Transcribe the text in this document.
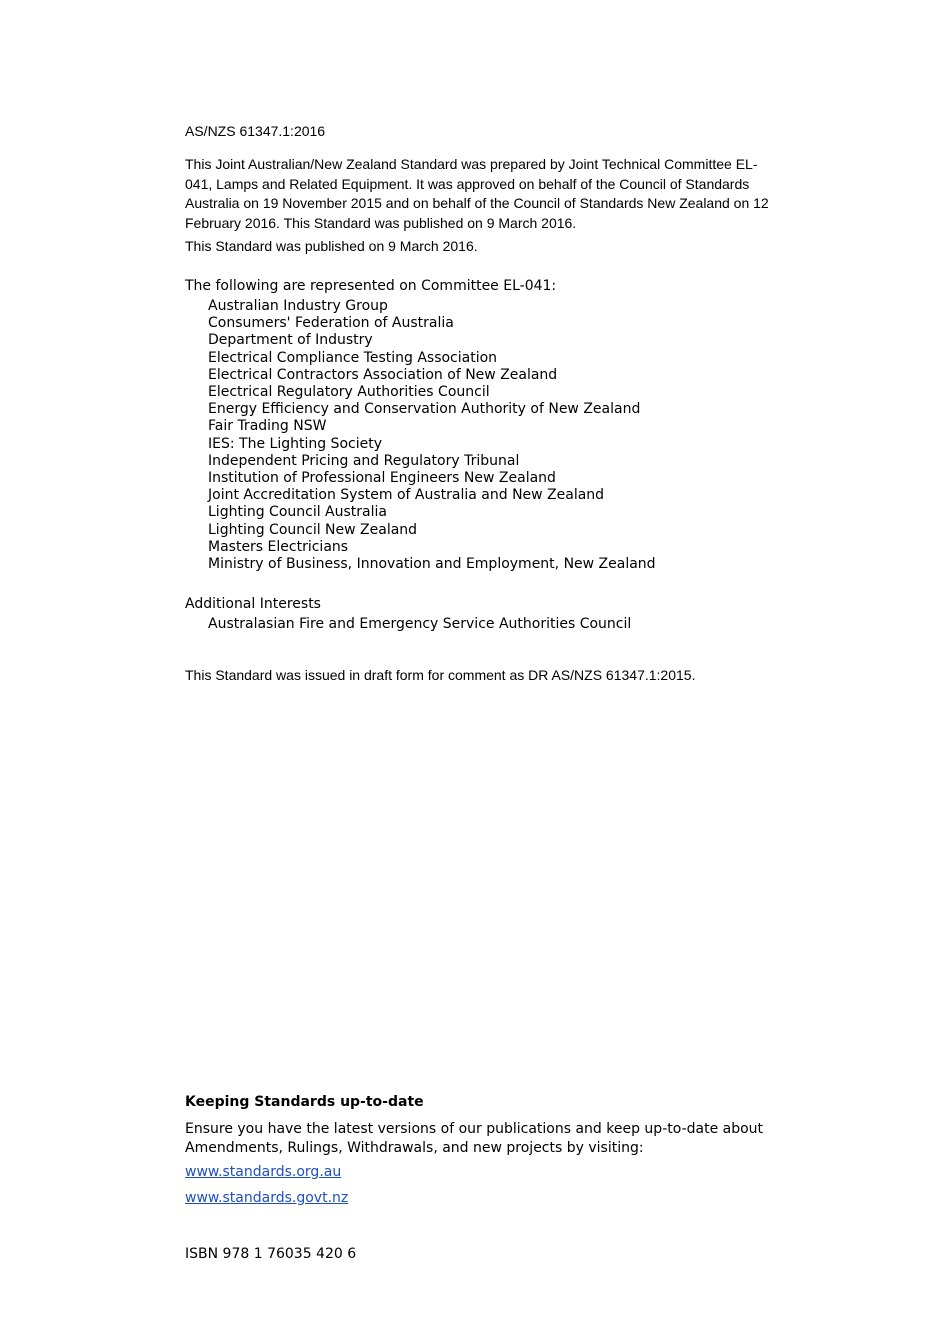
AS/NZS 61347.1:2016

This Joint Australian/New Zealand Standard was prepared by Joint Technical Committee EL-041, Lamps and Related Equipment. It was approved on behalf of the Council of Standards Australia on 19 November 2015 and on behalf of the Council of Standards New Zealand on 12 February 2016. This Standard was published on 9 March 2016.

This Standard was published on 9 March 2016.
The following are represented on Committee EL-041:
Australian Industry Group
Consumers' Federation of Australia
Department of Industry
Electrical Compliance Testing Association
Electrical Contractors Association of New Zealand
Electrical Regulatory Authorities Council
Energy Efficiency and Conservation Authority of New Zealand
Fair Trading NSW
IES: The Lighting Society
Independent Pricing and Regulatory Tribunal
Institution of Professional Engineers New Zealand
Joint Accreditation System of Australia and New Zealand
Lighting Council Australia
Lighting Council New Zealand
Masters Electricians
Ministry of Business, Innovation and Employment, New Zealand
Additional Interests
Australasian Fire and Emergency Service Authorities Council
This Standard was issued in draft form for comment as DR AS/NZS 61347.1:2015.
Keeping Standards up-to-date

Ensure you have the latest versions of our publications and keep up-to-date about Amendments, Rulings, Withdrawals, and new projects by visiting:

www.standards.org.au
www.standards.govt.nz
ISBN 978 1 76035 420 6
